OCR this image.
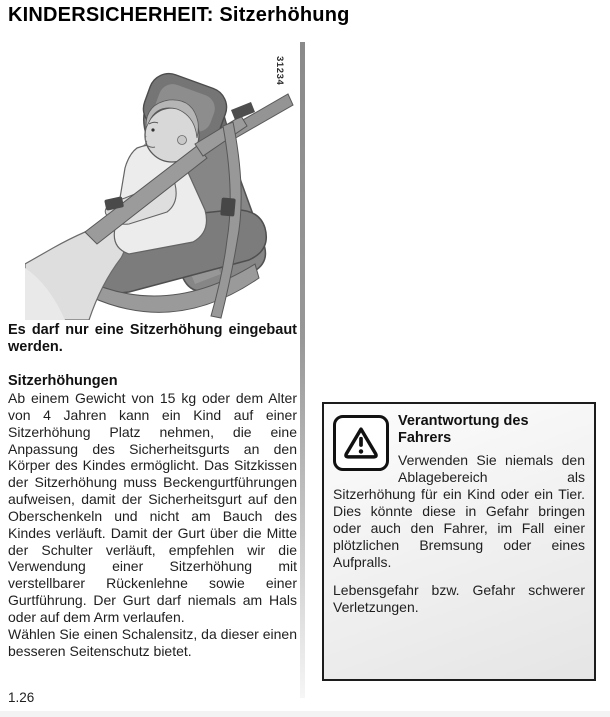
KINDERSICHERHEIT: Sitzerhöhung
31234

Es darf nur eine Sitzerhöhung eingebaut werden.

Sitzerhöhungen

Ab einem Gewicht von 15 kg oder dem Alter von 4 Jahren kann ein Kind auf einer Sitzerhöhung Platz nehmen, die eine Anpassung des Sicherheitsgurts an den Körper des Kindes ermöglicht. Das Sitzkissen der Sitzerhöhung muss Beckengurtführungen aufweisen, damit der Sicherheitsgurt auf den Oberschenkeln und nicht am Bauch des Kindes verläuft. Damit der Gurt über die Mitte der Schulter verläuft, empfehlen wir die Verwendung einer Sitzerhöhung mit verstellbarer Rückenlehne sowie einer Gurtführung. Der Gurt darf niemals am Hals oder auf dem Arm verlaufen.

Wählen Sie einen Schalensitz, da dieser einen besseren Seitenschutz bietet.

Verantwortung des Fahrers

Verwenden Sie niemals den Ablagebereich als Sitzerhöhung für ein Kind oder ein Tier. Dies könnte diese in Gefahr bringen oder auch den Fahrer, im Fall einer plötzlichen Bremsung oder eines Aufpralls.

Lebensgefahr bzw. Gefahr schwerer Verletzungen.

1.26
